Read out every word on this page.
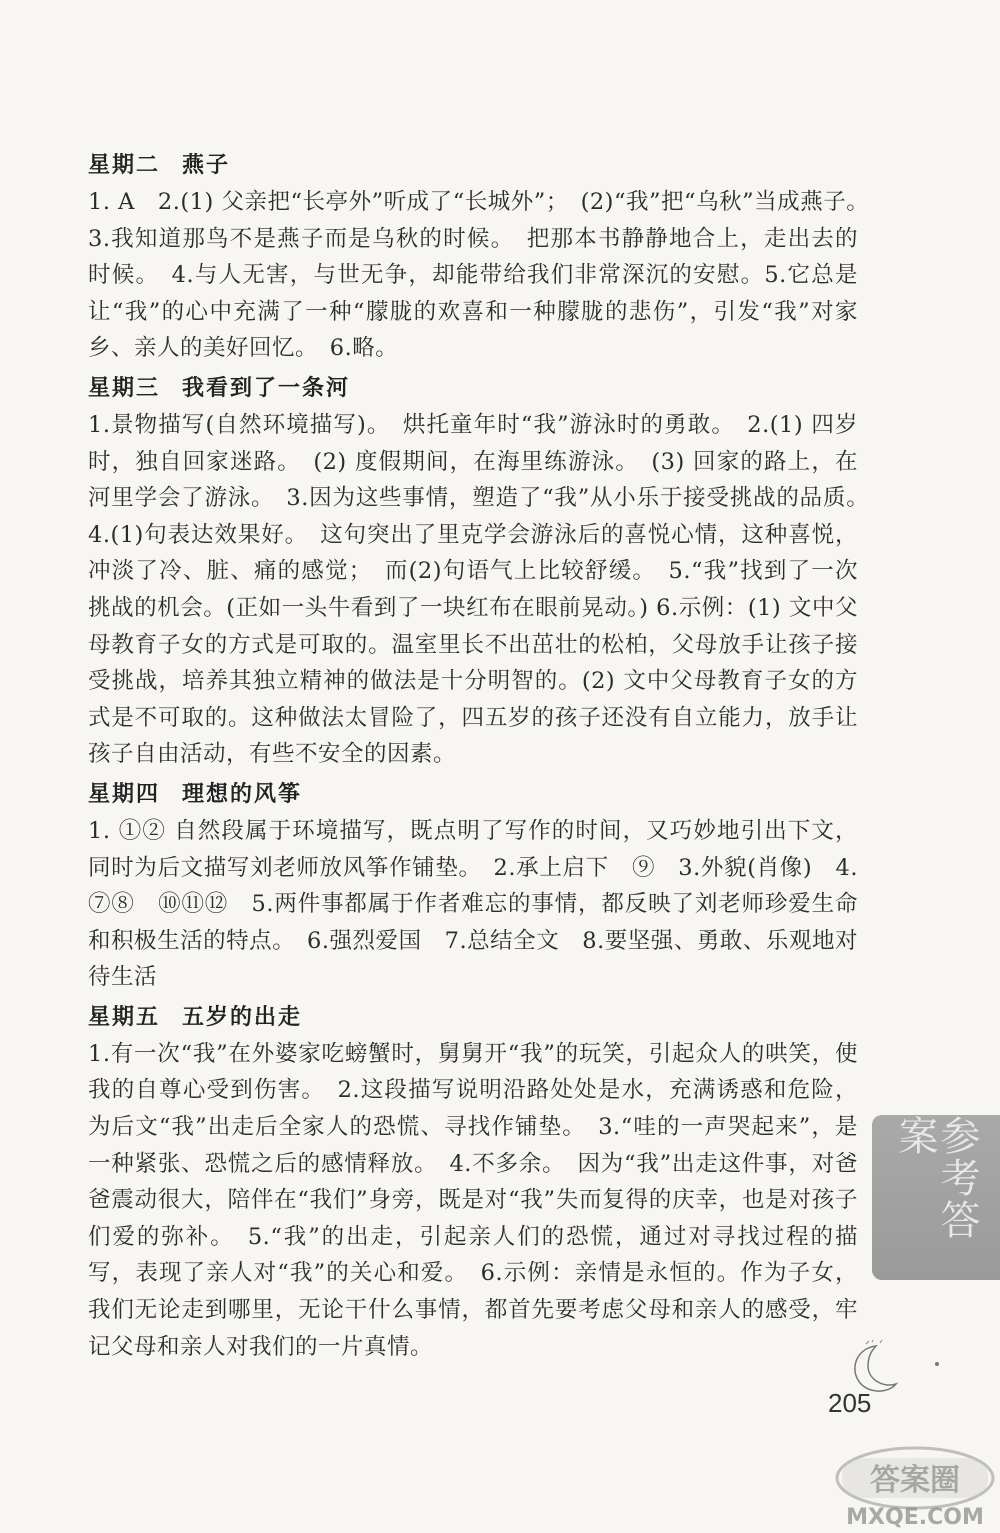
星期二 燕子
1. A　2.(1) 父亲把“长亭外”听成了“长城外”；　(2)“我”把“乌秋”当成燕子。　3.我知道那鸟不是燕子而是乌秋的时候。　把那本书静静地合上，走出去的时候。　4.与人无害，与世无争，却能带给我们非常深沉的安慰。5.它总是让“我”的心中充满了一种“朦胧的欢喜和一种朦胧的悲伤”，引发“我”对家乡、亲人的美好回忆。　6.略。
星期三 我看到了一条河
1.景物描写(自然环境描写)。　烘托童年时“我”游泳时的勇敢。　2.(1) 四岁时，独自回家迷路。　(2) 度假期间，在海里练游泳。　(3) 回家的路上，在河里学会了游泳。　3.因为这些事情，塑造了“我”从小乐于接受挑战的品质。　4.(1)句表达效果好。　这句突出了里克学会游泳后的喜悦心情，这种喜悦，冲淡了冷、脏、痛的感觉；　而(2)句语气上比较舒缓。　5.“我”找到了一次挑战的机会。(正如一头牛看到了一块红布在眼前晃动。) 6.示例：(1) 文中父母教育子女的方式是可取的。温室里长不出茁壮的松柏，父母放手让孩子接受挑战，培养其独立精神的做法是十分明智的。(2) 文中父母教育子女的方式是不可取的。这种做法太冒险了，四五岁的孩子还没有自立能力，放手让孩子自由活动，有些不安全的因素。
星期四 理想的风筝
1. ①② 自然段属于环境描写，既点明了写作的时间，又巧妙地引出下文，同时为后文描写刘老师放风筝作铺垫。　2.承上启下　⑨　3.外貌(肖像)　4. ⑦⑧　⑩⑪⑫　5.两件事都属于作者难忘的事情，都反映了刘老师珍爱生命和积极生活的特点。　6.强烈爱国　7.总结全文　8.要坚强、勇敢、乐观地对待生活
星期五 五岁的出走
1.有一次“我”在外婆家吃螃蟹时，舅舅开“我”的玩笑，引起众人的哄笑，使我的自尊心受到伤害。　2.这段描写说明沿路处处是水，充满诱惑和危险，为后文“我”出走后全家人的恐慌、寻找作铺垫。　3.“哇的一声哭起来”，是一种紧张、恐慌之后的感情释放。　4.不多余。　因为“我”出走这件事，对爸爸震动很大，陪伴在“我们”身旁，既是对“我”失而复得的庆幸，也是对孩子们爱的弥补。　5.“我”的出走，引起亲人们的恐慌，通过对寻找过程的描写，表现了亲人对“我”的关心和爱。　6.示例：亲情是永恒的。作为子女，我们无论走到哪里，无论干什么事情，都首先要考虑父母和亲人的感受，牢记父母和亲人对我们的一片真情。
参考答案
205
答案圈
MXQE.COM
